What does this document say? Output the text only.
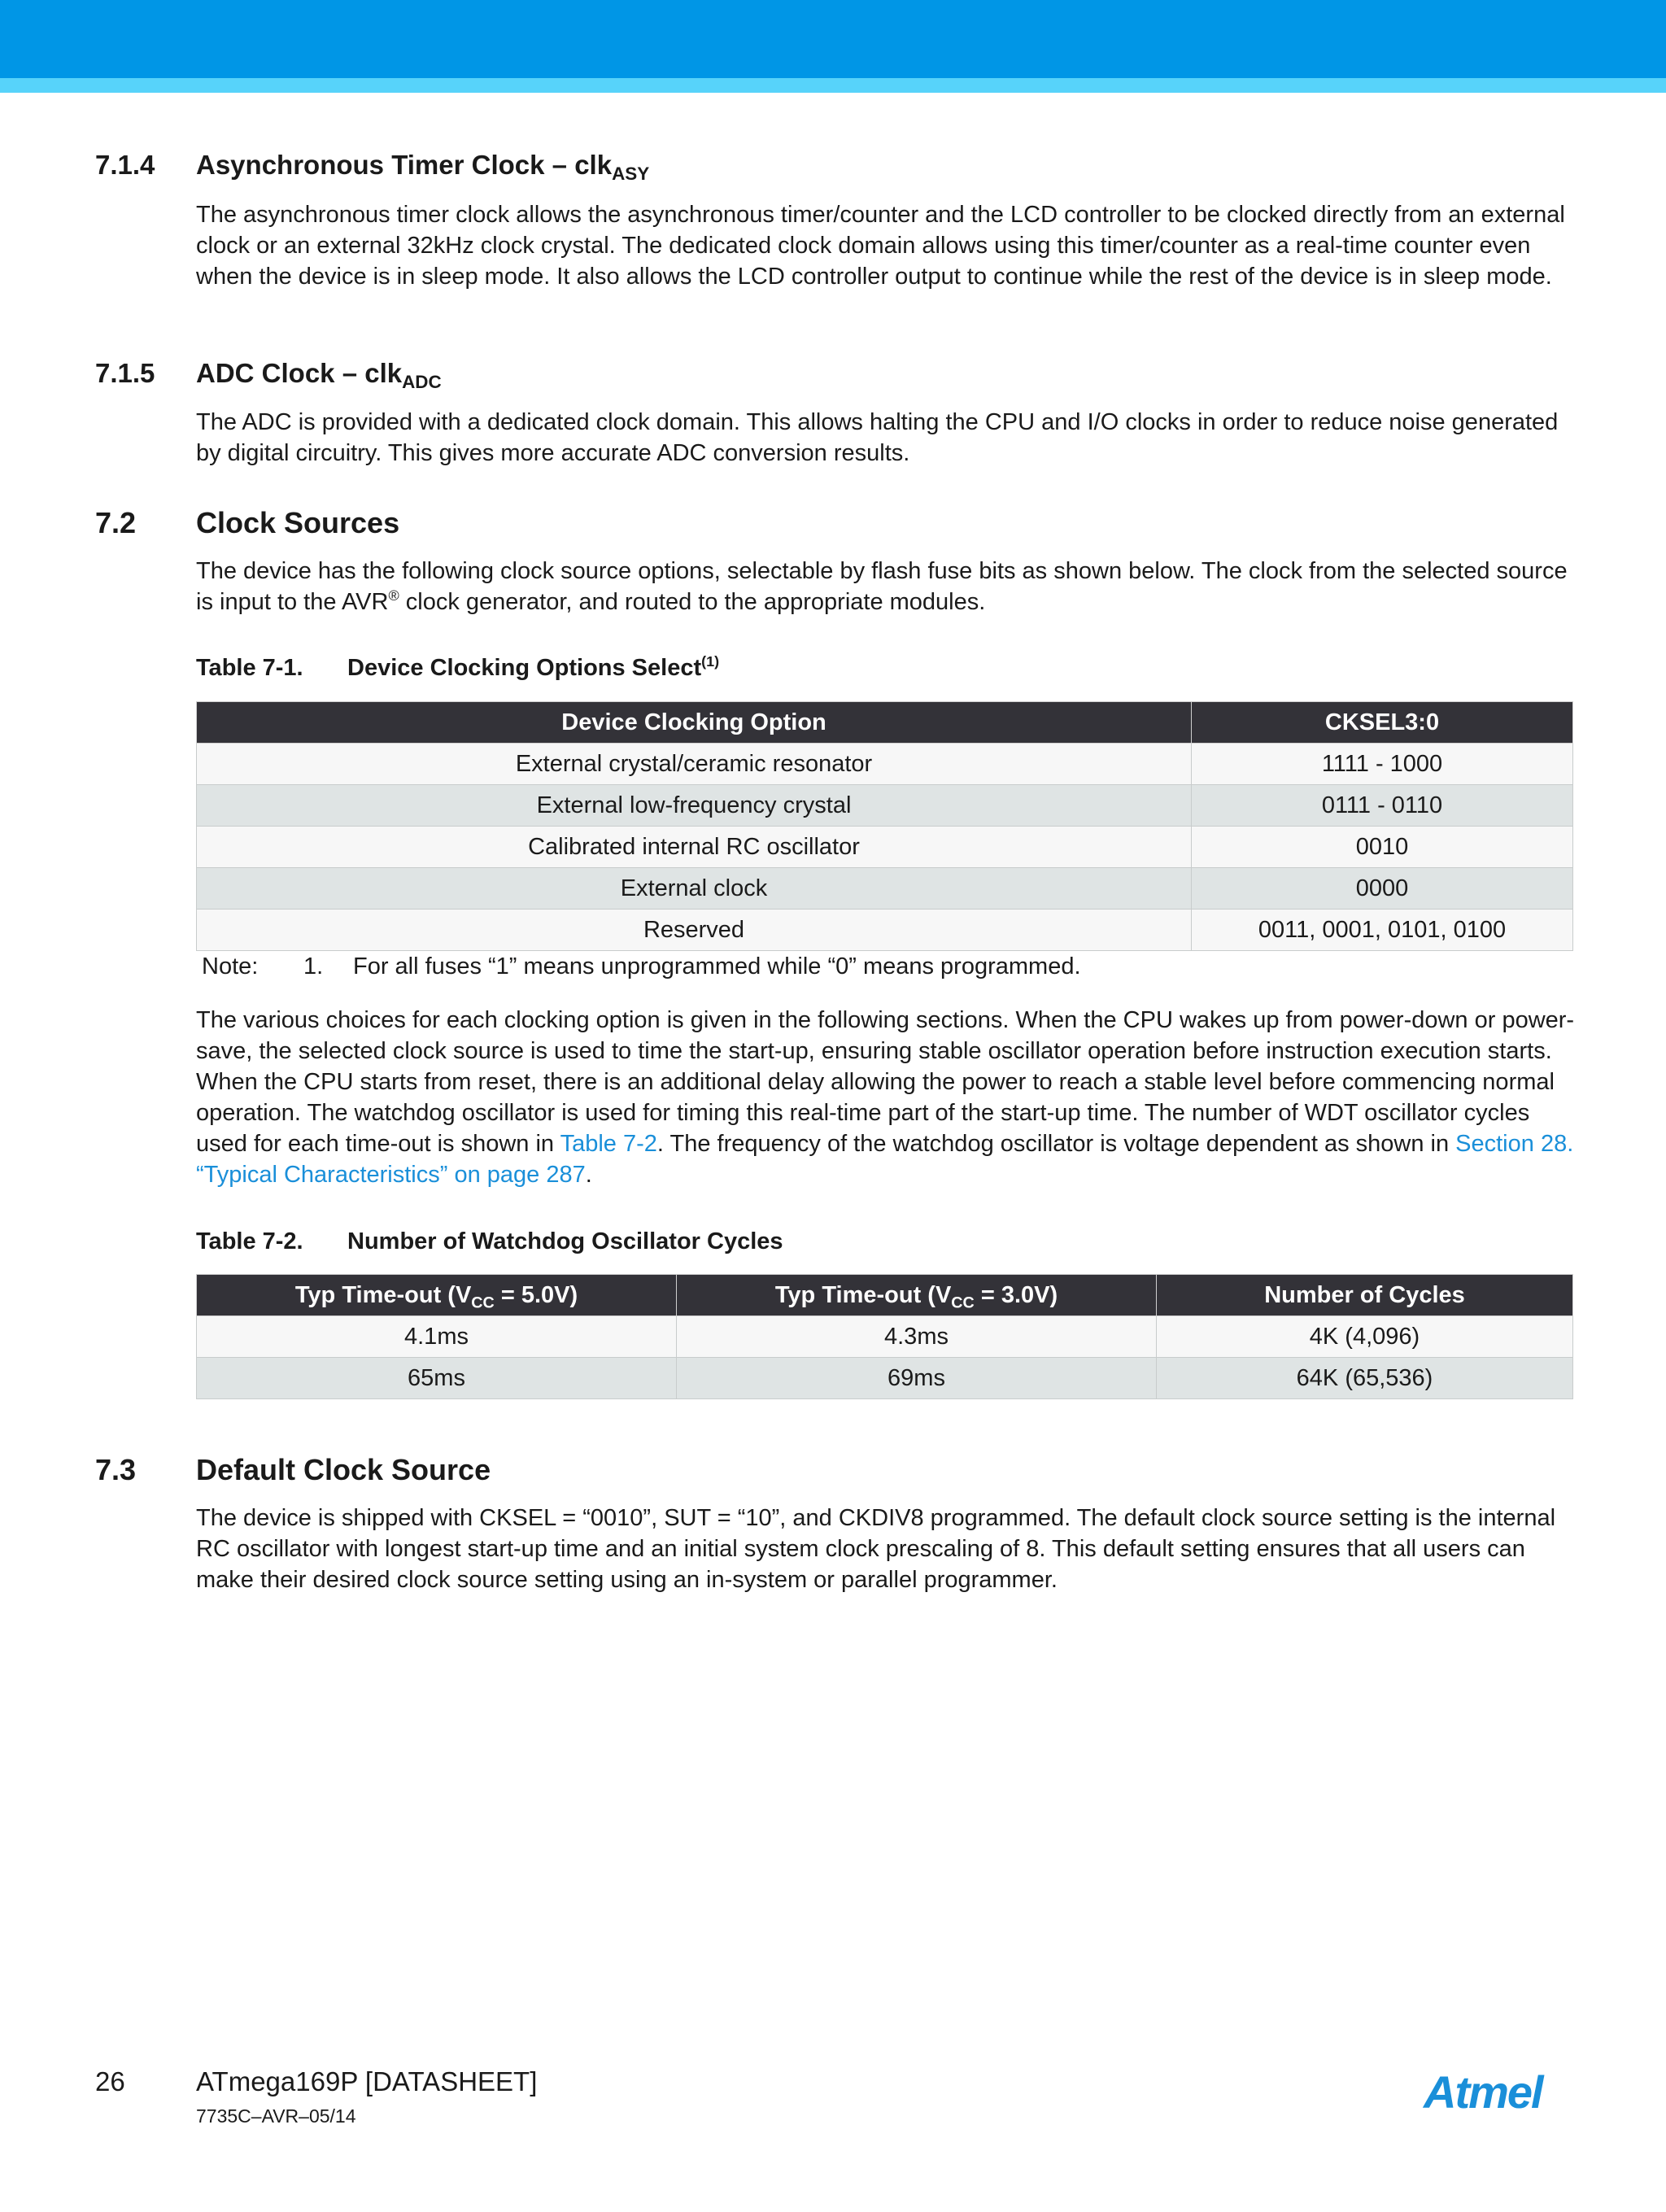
7.1.4 Asynchronous Timer Clock – clk$_{ASY}$
The asynchronous timer clock allows the asynchronous timer/counter and the LCD controller to be clocked directly from an external clock or an external 32kHz clock crystal. The dedicated clock domain allows using this timer/counter as a real-time counter even when the device is in sleep mode. It also allows the LCD controller output to continue while the rest of the device is in sleep mode.
7.1.5 ADC Clock – clk$_{ADC}$
The ADC is provided with a dedicated clock domain. This allows halting the CPU and I/O clocks in order to reduce noise generated by digital circuitry. This gives more accurate ADC conversion results.
7.2 Clock Sources
The device has the following clock source options, selectable by flash fuse bits as shown below. The clock from the selected source is input to the AVR® clock generator, and routed to the appropriate modules.
Table 7-1. Device Clocking Options Select$^{(1)}$
Device Clocking Option	CKSEL3:0
External crystal/ceramic resonator	1111 - 1000
External low-frequency crystal	0111 - 0110
Calibrated internal RC oscillator	0010
External clock	0000
Reserved	0011, 0001, 0101, 0100
Note: 1. For all fuses “1” means unprogrammed while “0” means programmed.
The various choices for each clocking option is given in the following sections. When the CPU wakes up from power-down or power-save, the selected clock source is used to time the start-up, ensuring stable oscillator operation before instruction execution starts. When the CPU starts from reset, there is an additional delay allowing the power to reach a stable level before commencing normal operation. The watchdog oscillator is used for timing this real-time part of the start-up time. The number of WDT oscillator cycles used for each time-out is shown in Table 7-2. The frequency of the watchdog oscillator is voltage dependent as shown in Section 28. “Typical Characteristics” on page 287.
Table 7-2. Number of Watchdog Oscillator Cycles
Typ Time-out $(V_{CC} = 5.0V)$	Typ Time-out $(V_{CC} = 3.0V)$	Number of Cycles
4.1ms	4.3ms	4K (4,096)
65ms	69ms	64K (65,536)
7.3 Default Clock Source
The device is shipped with CKSEL = “0010”, SUT = “10”, and CKDIV8 programmed. The default clock source setting is the internal RC oscillator with longest start-up time and an initial system clock prescaling of 8. This default setting ensures that all users can make their desired clock source setting using an in-system or parallel programmer.
26	ATmega169P [DATASHEET]
7735C–AVR–05/14	Atmel
